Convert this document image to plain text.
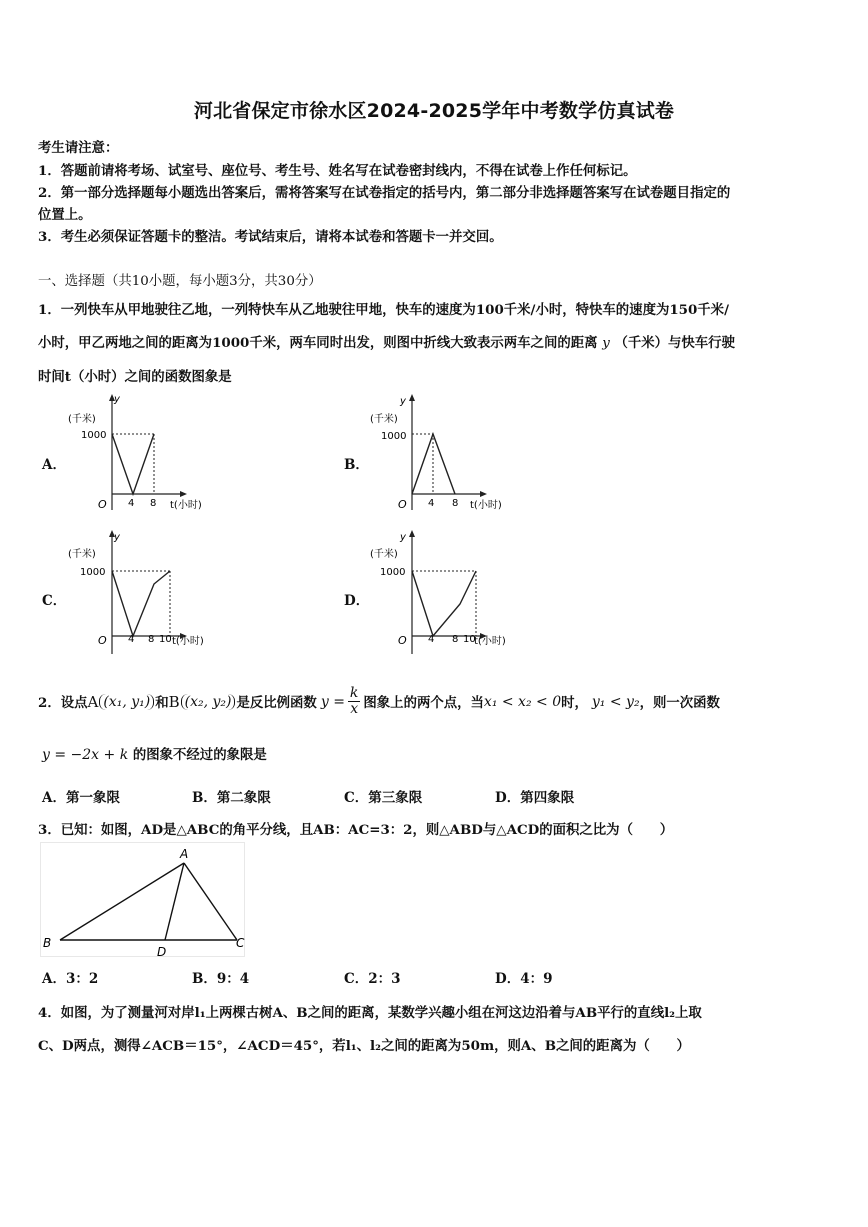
河北省保定市徐水区2024-2025学年中考数学仿真试卷
考生请注意：
1．答题前请将考场、试室号、座位号、考生号、姓名写在试卷密封线内，不得在试卷上作任何标记。
2．第一部分选择题每小题选出答案后，需将答案写在试卷指定的括号内，第二部分非选择题答案写在试卷题目指定的
位置上。
3．考生必须保证答题卡的整洁。考试结束后，请将本试卷和答题卡一并交回。
一、选择题（共10小题，每小题3分，共30分）
1．一列快车从甲地驶往乙地，一列特快车从乙地驶往甲地，快车的速度为100千米/小时，特快车的速度为150千米/
小时，甲乙两地之间的距离为1000千米，两车同时出发，则图中折线大致表示两车之间的距离 y （千米）与快车行驶
时间t（小时）之间的函数图象是
A．	B．
C．	D．
y
(千米)
1000
O 4 8 t(小时)
y
(千米)
1000
O 4 8 t(小时)
y
(千米)
1000
O 4 8 10 t(小时)
y
(千米)
1000
O 4 8 10
t(小时)
2．设点 A (x₁, y₁) 和 B (x₂, y₂) 是反比例函数 $y = \frac{k}{x}$ 图象上的两个点，当 x₁ < x₂ < 0 时， y₁ < y₂ ，则一次函数
y = −2x + k 的图象不经过的象限是
A．第一象限	B．第二象限	C．第三象限	D．第四象限
3．已知：如图，AD是△ABC的角平分线，且AB：AC=3：2，则△ABD与△ACD的面积之比为（　　）
A
B	C
D
A．3：2	B．9：4	C．2：3	D．4：9
4．如图，为了测量河对岸l₁上两棵古树A、B之间的距离，某数学兴趣小组在河这边沿着与AB平行的直线l₂上取
C、D两点，测得∠ACB＝15°，∠ACD＝45°，若l₁、l₂之间的距离为50m，则A、B之间的距离为（　　）
